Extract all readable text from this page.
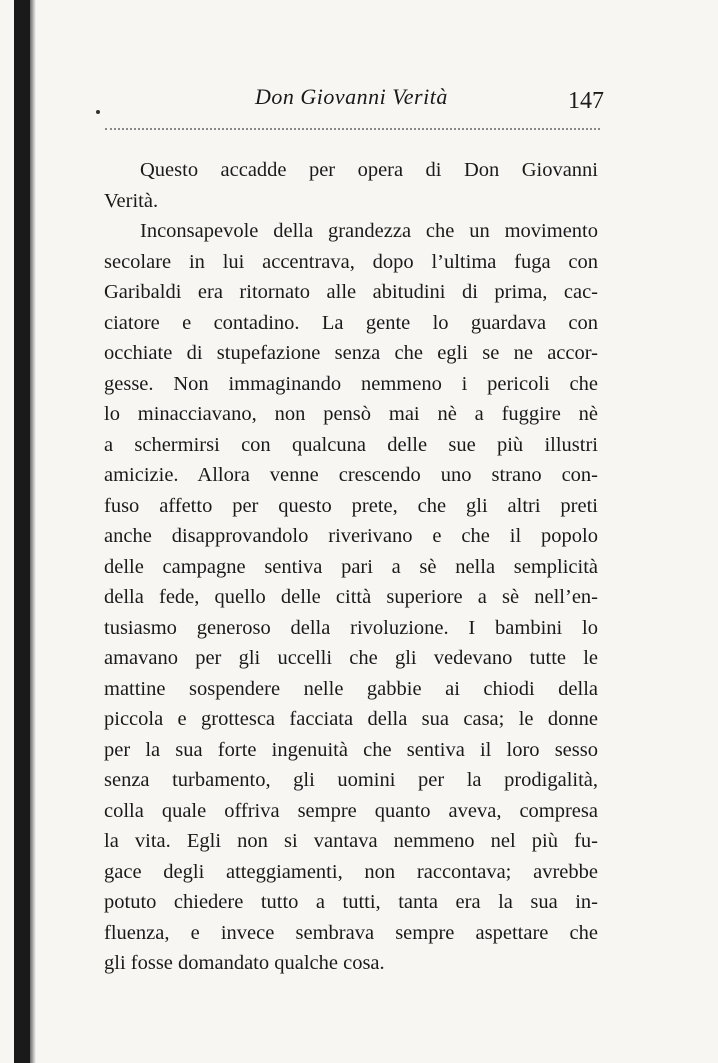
Don Giovanni Verità	147
Questo accadde per opera di Don Giovanni
Verità.
Inconsapevole della grandezza che un movimento
secolare in lui accentrava, dopo l’ultima fuga con
Garibaldi era ritornato alle abitudini di prima, cac-
ciatore e contadino. La gente lo guardava con
occhiate di stupefazione senza che egli se ne accor-
gesse. Non immaginando nemmeno i pericoli che
lo minacciavano, non pensò mai nè a fuggire nè
a schermirsi con qualcuna delle sue più illustri
amicizie. Allora venne crescendo uno strano con-
fuso affetto per questo prete, che gli altri preti
anche disapprovandolo riverivano e che il popolo
delle campagne sentiva pari a sè nella semplicità
della fede, quello delle città superiore a sè nell’en-
tusiasmo generoso della rivoluzione. I bambini lo
amavano per gli uccelli che gli vedevano tutte le
mattine sospendere nelle gabbie ai chiodi della
piccola e grottesca facciata della sua casa; le donne
per la sua forte ingenuità che sentiva il loro sesso
senza turbamento, gli uomini per la prodigalità,
colla quale offriva sempre quanto aveva, compresa
la vita. Egli non si vantava nemmeno nel più fu-
gace degli atteggiamenti, non raccontava; avrebbe
potuto chiedere tutto a tutti, tanta era la sua in-
fluenza, e invece sembrava sempre aspettare che
gli fosse domandato qualche cosa.
